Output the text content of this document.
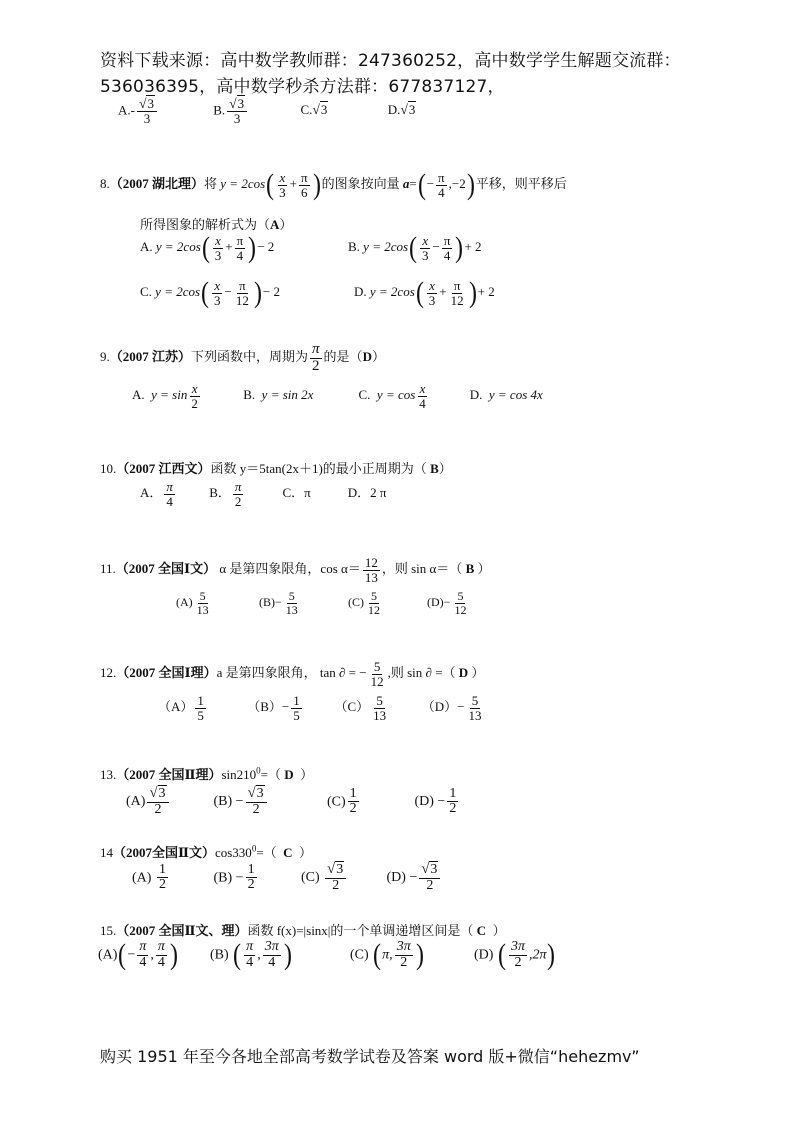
资料下载来源：高中数学教师群：247360252，高中数学学生解题交流群：
536036395，高中数学秒杀方法群：677837127，
$A.- \frac{√3}{3}$	B. $\frac{√3}{3}$	C.√3	D.√3
8.（2007 湖北理）将 $y = 2\cos( \frac{x}{3} + \frac{\pi}{6}$ )的图象按向量 $a=(- \frac{\pi}{4} ,-2)$平移，则平移后
所得图象的解析式为（A）
A. $y = 2\cos( \frac{x}{3} + \frac{\pi}{4}$ )− 2	B. $y = 2\cos( \frac{x}{3} - \frac{\pi}{4}$ )+ 2
C. $y = 2\cos( \frac{x}{3} - \frac{\pi}{12}$ )− 2	D. $y = 2\cos( \frac{x}{3} + \frac{\pi}{12}$ )+ 2
9.（2007 江苏）下列函数中，周期为 $\frac{\pi}{2}$ 的是（D）
A. $y = \sin \frac{x}{2}$	B. y = sin 2x	C. $y = \cos \frac{x}{4}$	D. y = cos 4x
10.（2007 江西文）函数 y＝5tan(2x＋1)的最小正周期为（ B）
A． $\frac{\pi}{4}$	B． $\frac{\pi}{2}$	C．π	D．2 π
11.（2007 全国Ⅰ文） α 是第四象限角，$\cos \alpha= \frac{12}{13}$ ，则 sin α＝（ B ）
$(A) \frac{5}{13}$	$(B)- \frac{5}{13}$	$(C) \frac{5}{12}$	$(D)- \frac{5}{12}$
12.（2007 全国Ⅰ理）a 是第四象限角， tan ∂ = − $\frac{5}{12}$ ,则 sin ∂ =（ D ）
$(A) \frac{1}{5}$	$(B)- \frac{1}{5}$	$(C) \frac{5}{13}$	$(D)- \frac{5}{13}$
13.（2007 全国Ⅱ理）$\sin 210^0=$（ D ）
$(A) \frac{√3}{2}$	$(B) - \frac{√3}{2}$	$(C) \frac{1}{2}$	$(D) - \frac{1}{2}$
14（2007全国Ⅱ文）$\cos 330^0=$（ C ）
$(A) \frac{1}{2}$	$(B) - \frac{1}{2}$	$(C) \frac{√3}{2}$	$(D) - \frac{√3}{2}$
15.（2007 全国Ⅱ文、理）函数 f(x)=|sinx|的一个单调递增区间是（ C ）
$(A)(- \frac{\pi}{4}$ , $\frac{\pi}{4}$ ) (B) ( $\frac{\pi}{4}$ , $\frac{3\pi}{4}$ )	(C) (π, $\frac{3\pi}{2}$ )	(D) ( $\frac{3\pi}{2} ,2\pi$)
购买 1951 年至今各地全部高考数学试卷及答案 word 版+微信“hehezmv”
